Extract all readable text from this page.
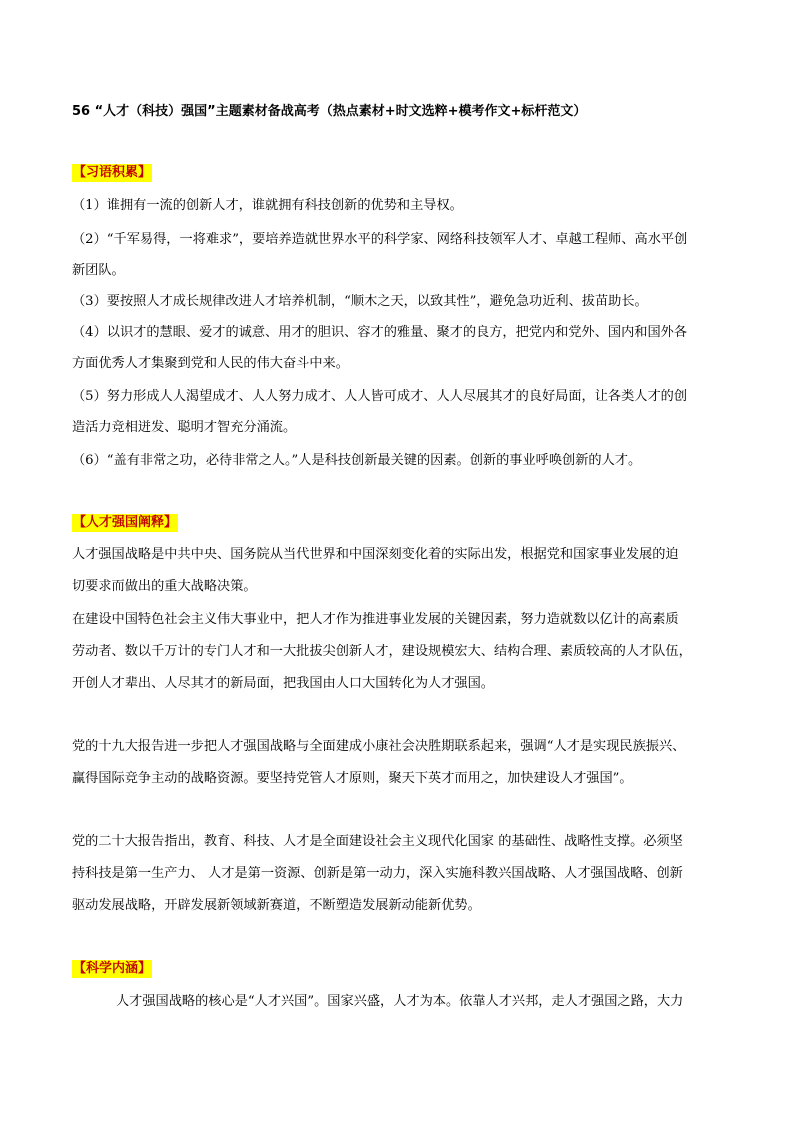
56 “人才（科技）强国”主题素材备战高考（热点素材+时文选粹+模考作文+标杆范文）
【习语积累】
（1）谁拥有一流的创新人才，谁就拥有科技创新的优势和主导权。
（2）“千军易得，一将难求”，要培养造就世界水平的科学家、网络科技领军人才、卓越工程师、高水平创
新团队。
（3）要按照人才成长规律改进人才培养机制，“顺木之天，以致其性”，避免急功近利、拔苗助长。
（4）以识才的慧眼、爱才的诚意、用才的胆识、容才的雅量、聚才的良方，把党内和党外、国内和国外各
方面优秀人才集聚到党和人民的伟大奋斗中来。
（5）努力形成人人渴望成才、人人努力成才、人人皆可成才、人人尽展其才的良好局面，让各类人才的创
造活力竞相迸发、聪明才智充分涌流。
（6）“盖有非常之功，必待非常之人。”人是科技创新最关键的因素。创新的事业呼唤创新的人才。
【人才强国阐释】
人才强国战略是中共中央、国务院从当代世界和中国深刻变化着的实际出发，根据党和国家事业发展的迫
切要求而做出的重大战略决策。
在建设中国特色社会主义伟大事业中，把人才作为推进事业发展的关键因素，努力造就数以亿计的高素质
劳动者、数以千万计的专门人才和一大批拔尖创新人才，建设规模宏大、结构合理、素质较高的人才队伍，
开创人才辈出、人尽其才的新局面，把我国由人口大国转化为人才强国。
党的十九大报告进一步把人才强国战略与全面建成小康社会决胜期联系起来，强调“人才是实现民族振兴、
赢得国际竞争主动的战略资源。要坚持党管人才原则，聚天下英才而用之，加快建设人才强国”。
党的二十大报告指出，教育、科技、人才是全面建设社会主义现代化国家 的基础性、战略性支撑。必须坚
持科技是第一生产力、 人才是第一资源、创新是第一动力，深入实施科教兴国战略、人才强国战略、创新
驱动发展战略，开辟发展新领域新赛道，不断塑造发展新动能新优势。
【科学内涵】
人才强国战略的核心是“人才兴国”。国家兴盛，人才为本。依靠人才兴邦，走人才强国之路，大力
